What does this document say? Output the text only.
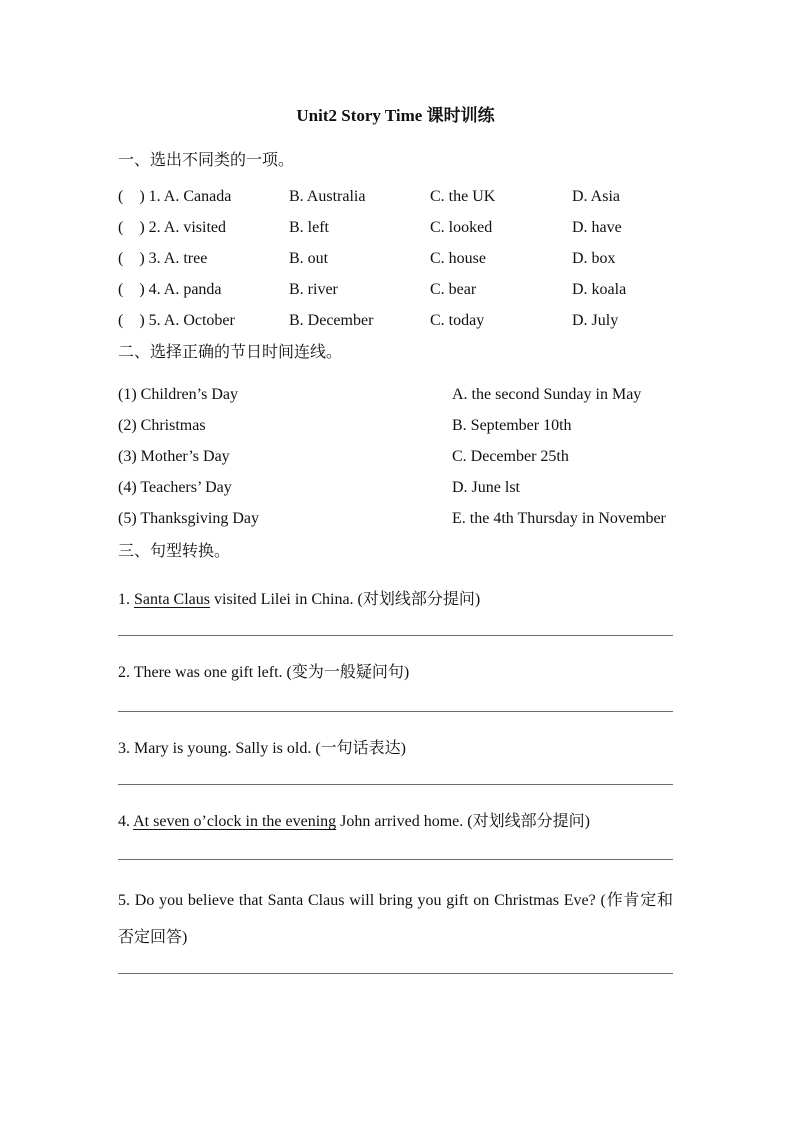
Unit2 Story Time 课时训练

一、选出不同类的一项。

(　) 1. A. Canada	B. Australia	C. the UK	D. Asia
(　) 2. A. visited	B. left	C. looked	D. have
(　) 3. A. tree	B. out	C. house	D. box
(　) 4. A. panda	B. river	C. bear	D. koala
(　) 5. A. October	B. December	C. today	D. July

二、选择正确的节日时间连线。

(1) Children’s Day	A. the second Sunday in May
(2) Christmas	B. September 10th
(3) Mother’s Day	C. December 25th
(4) Teachers’ Day	D. June lst
(5) Thanksgiving Day	E. the 4th Thursday in November

三、句型转换。

1. Santa Claus visited Lilei in China. (对划线部分提问)

2. There was one gift left. (变为一般疑问句)

3. Mary is young. Sally is old. (一句话表达)

4. At seven o’clock in the evening John arrived home. (对划线部分提问)

5. Do you believe that Santa Claus will bring you gift on Christmas Eve? (作肯定和否定回答)
